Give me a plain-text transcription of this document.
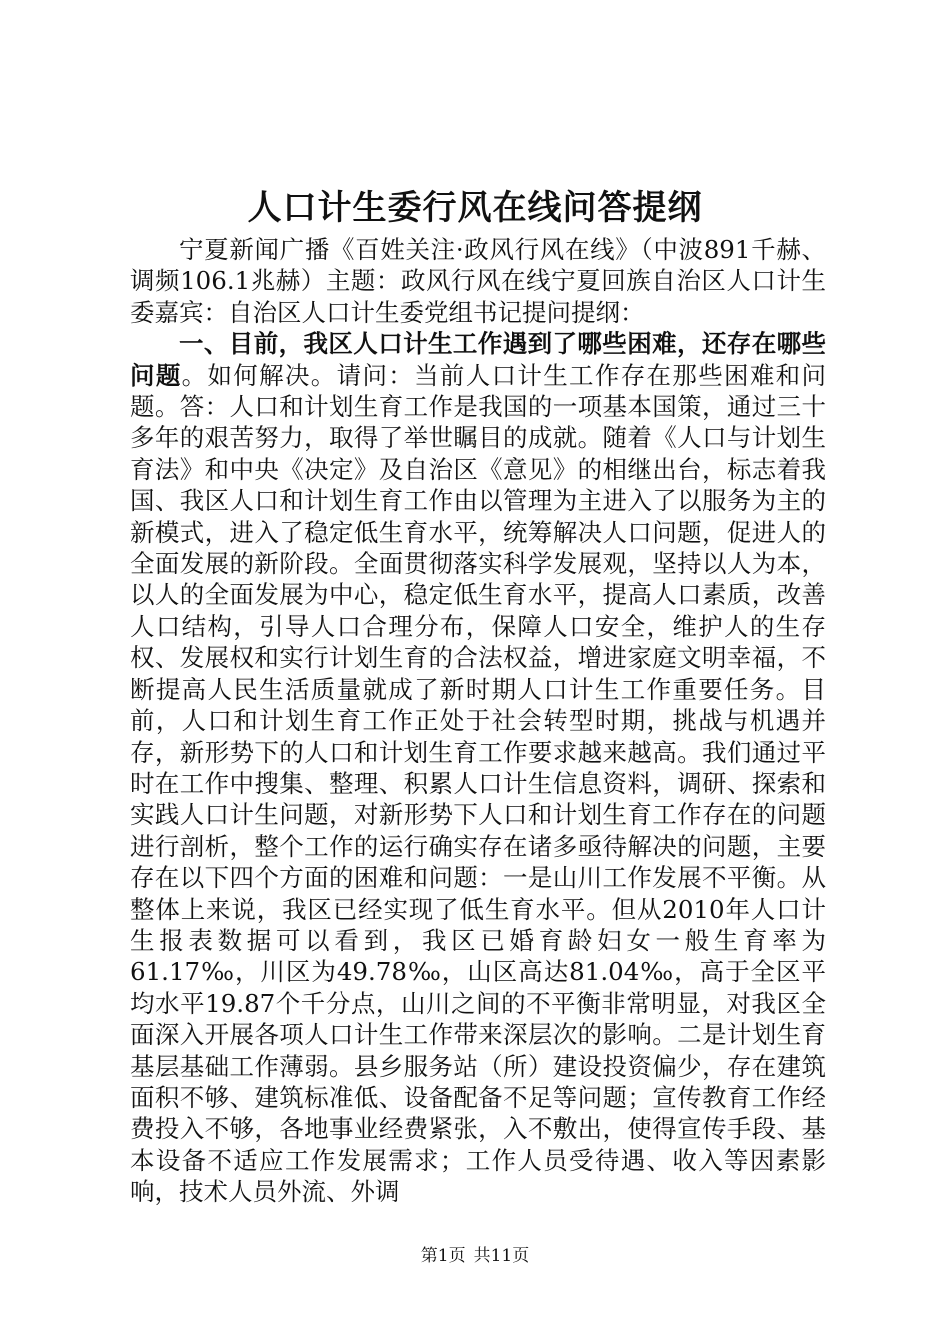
人口计生委行风在线问答提纲

宁夏新闻广播《百姓关注·政风行风在线》（中波891千赫、调频106.1兆赫）主题：政风行风在线宁夏回族自治区人口计生委嘉宾：自治区人口计生委党组书记提问提纲：

一、目前，我区人口计生工作遇到了哪些困难，还存在哪些问题。如何解决。请问：当前人口计生工作存在那些困难和问题。答：人口和计划生育工作是我国的一项基本国策，通过三十多年的艰苦努力，取得了举世瞩目的成就。随着《人口与计划生育法》和中央《决定》及自治区《意见》的相继出台，标志着我国、我区人口和计划生育工作由以管理为主进入了以服务为主的新模式，进入了稳定低生育水平，统筹解决人口问题，促进人的全面发展的新阶段。全面贯彻落实科学发展观，坚持以人为本，以人的全面发展为中心，稳定低生育水平，提高人口素质，改善人口结构，引导人口合理分布，保障人口安全，维护人的生存权、发展权和实行计划生育的合法权益，增进家庭文明幸福，不断提高人民生活质量就成了新时期人口计生工作重要任务。目前，人口和计划生育工作正处于社会转型时期，挑战与机遇并存，新形势下的人口和计划生育工作要求越来越高。我们通过平时在工作中搜集、整理、积累人口计生信息资料，调研、探索和实践人口计生问题，对新形势下人口和计划生育工作存在的问题进行剖析，整个工作的运行确实存在诸多亟待解决的问题，主要存在以下四个方面的困难和问题：一是山川工作发展不平衡。从整体上来说，我区已经实现了低生育水平。但从2010年人口计生报表数据可以看到，我区已婚育龄妇女一般生育率为61.17‰，川区为49.78‰，山区高达81.04‰，高于全区平均水平19.87个千分点，山川之间的不平衡非常明显，对我区全面深入开展各项人口计生工作带来深层次的影响。二是计划生育基层基础工作薄弱。县乡服务站（所）建设投资偏少，存在建筑面积不够、建筑标准低、设备配备不足等问题；宣传教育工作经费投入不够，各地事业经费紧张，入不敷出，使得宣传手段、基本设备不适应工作发展需求；工作人员受待遇、收入等因素影响，技术人员外流、外调

第1页 共11页
